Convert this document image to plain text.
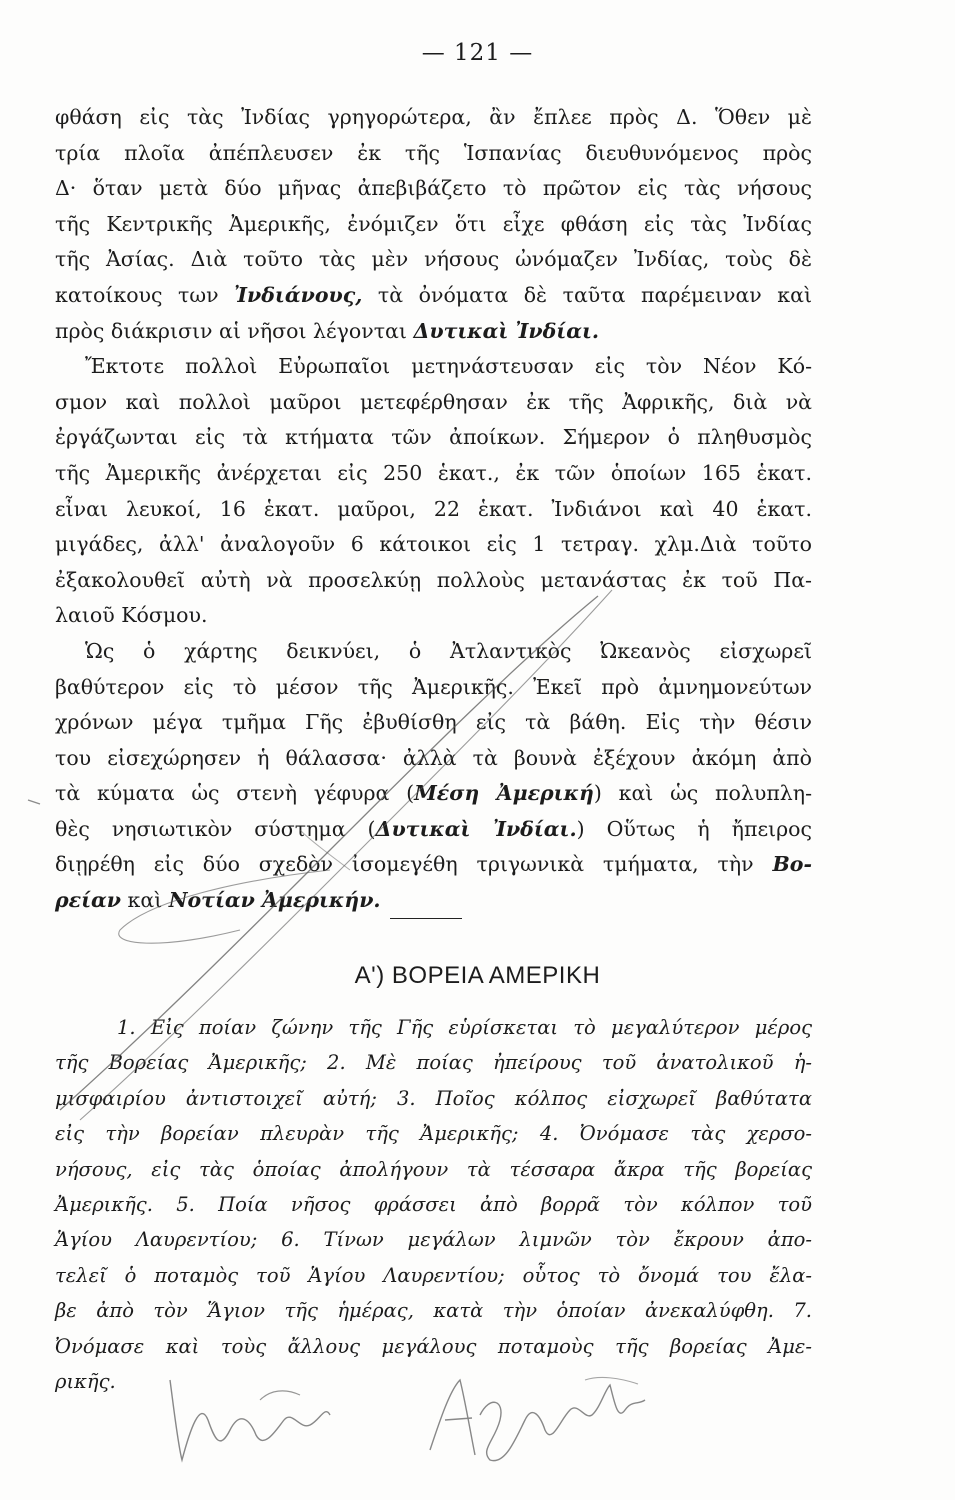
— 121 —
φθάση εἰς τὰς Ἰνδίας γρηγορώτερα, ἂν ἔπλεε πρὸς Δ. Ὅθεν μὲ
τρία πλοῖα ἀπέπλευσεν ἐκ τῆς Ἱσπανίας διευθυνόμενος πρὸς
Δ· ὅταν μετὰ δύο μῆνας ἀπεβιβάζετο τὸ πρῶτον εἰς τὰς νήσους
τῆς Κεντρικῆς Ἀμερικῆς, ἐνόμιζεν ὅτι εἶχε φθάση εἰς τὰς Ἰνδίας
τῆς Ἀσίας. Διὰ τοῦτο τὰς μὲν νήσους ὠνόμαζεν Ἰνδίας, τοὺς δὲ
κατοίκους των Ἰνδιάνους, τὰ ὀνόματα δὲ ταῦτα παρέμειναν καὶ
πρὸς διάκρισιν αἱ νῆσοι λέγονται Δυτικαὶ Ἰνδίαι.
Ἔκτοτε πολλοὶ Εὐρωπαῖοι μετηνάστευσαν εἰς τὸν Νέον Κό-
σμον καὶ πολλοὶ μαῦροι μετεφέρθησαν ἐκ τῆς Ἀφρικῆς, διὰ νὰ
ἐργάζωνται εἰς τὰ κτήματα τῶν ἀποίκων. Σήμερον ὁ πληθυσμὸς
τῆς Ἀμερικῆς ἀνέρχεται εἰς 250 ἑκατ., ἐκ τῶν ὁποίων 165 ἑκατ.
εἶναι λευκοί, 16 ἑκατ. μαῦροι, 22 ἑκατ. Ἰνδιάνοι καὶ 40 ἑκατ.
μιγάδες, ἀλλ' ἀναλογοῦν 6 κάτοικοι εἰς 1 τετραγ. χλμ.Διὰ τοῦτο
ἐξακολουθεῖ αὐτὴ νὰ προσελκύῃ πολλοὺς μετανάστας ἐκ τοῦ Πα-
λαιοῦ Κόσμου.
Ὡς ὁ χάρτης δεικνύει, ὁ Ἀτλαντικὸς Ὠκεανὸς εἰσχωρεῖ
βαθύτερον εἰς τὸ μέσον τῆς Ἀμερικῆς. Ἐκεῖ πρὸ ἀμνημονεύτων
χρόνων μέγα τμῆμα Γῆς ἐβυθίσθη εἰς τὰ βάθη. Εἰς τὴν θέσιν
του εἰσεχώρησεν ἡ θάλασσα· ἀλλὰ τὰ βουνὰ ἐξέχουν ἀκόμη ἀπὸ
τὰ κύματα ὡς στενὴ γέφυρα (Μέση Ἀμερική) καὶ ὡς πολυπλη-
θὲς νησιωτικὸν σύστημα (Δυτικαὶ Ἰνδίαι.) Οὕτως ἡ ἤπειρος
διῃρέθη εἰς δύο σχεδὸν ἰσομεγέθη τριγωνικὰ τμήματα, τὴν Βο-
ρείαν καὶ Νοτίαν Ἀμερικήν.
Α') ΒΟΡΕΙΑ ΑΜΕΡΙΚΗ
1. Εἰς ποίαν ζώνην τῆς Γῆς εὑρίσκεται τὸ μεγαλύτερον μέρος
τῆς Βορείας Ἀμερικῆς; 2. Μὲ ποίας ἠπείρους τοῦ ἀνατολικοῦ ἡ-
μισφαιρίου ἀντιστοιχεῖ αὐτή; 3. Ποῖος κόλπος εἰσχωρεῖ βαθύτατα
εἰς τὴν βορείαν πλευρὰν τῆς Ἀμερικῆς; 4. Ὀνόμασε τὰς χερσο-
νήσους, εἰς τὰς ὁποίας ἀπολήγουν τὰ τέσσαρα ἄκρα τῆς βορείας
Ἀμερικῆς. 5. Ποία νῆσος φράσσει ἀπὸ βορρᾶ τὸν κόλπον τοῦ
Ἁγίου Λαυρεντίου; 6. Τίνων μεγάλων λιμνῶν τὸν ἔκρουν ἀπο-
τελεῖ ὁ ποταμὸς τοῦ Ἁγίου Λαυρεντίου; οὗτος τὸ ὄνομά του ἔλα-
βε ἀπὸ τὸν Ἅγιον τῆς ἡμέρας, κατὰ τὴν ὁποίαν ἀνεκαλύφθη. 7.
Ὀνόμασε καὶ τοὺς ἄλλους μεγάλους ποταμοὺς τῆς βορείας Ἀμε-
ρικῆς.
